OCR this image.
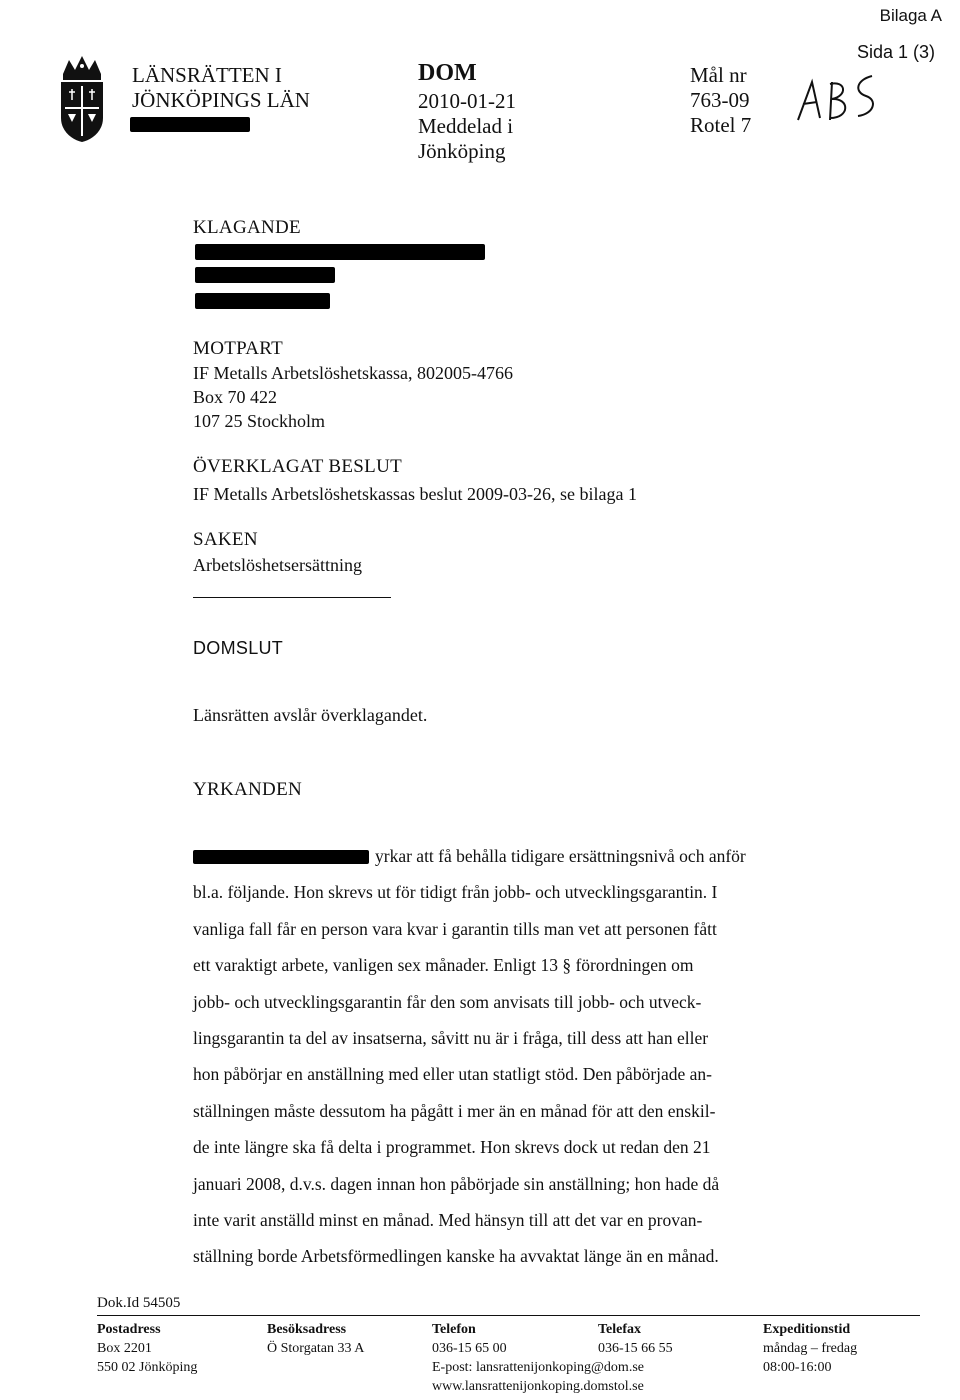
Bilaga A
Sida 1 (3)
LÄNSRÄTTEN I
JÖNKÖPINGS LÄN
DOM
2010-01-21
Meddelad i
Jönköping
Mål nr
763-09
Rotel 7
KLAGANDE
MOTPART
IF Metalls Arbetslöshetskassa, 802005-4766
Box 70 422
107 25 Stockholm
ÖVERKLAGAT BESLUT
IF Metalls Arbetslöshetskassas beslut 2009-03-26, se bilaga 1
SAKEN
Arbetslöshetsersättning
DOMSLUT
Länsrätten avslår överklagandet.
YRKANDEN
yrkar att få behålla tidigare ersättningsnivå och anför
bl.a. följande. Hon skrevs ut för tidigt från jobb- och utvecklingsgarantin. I
vanliga fall får en person vara kvar i garantin tills man vet att personen fått
ett varaktigt arbete, vanligen sex månader. Enligt 13 § förordningen om
jobb- och utvecklingsgarantin får den som anvisats till jobb- och utveck-
lingsgarantin ta del av insatserna, såvitt nu är i fråga, till dess att han eller
hon påbörjar en anställning med eller utan statligt stöd. Den påbörjade an-
ställningen måste dessutom ha pågått i mer än en månad för att den enskil-
de inte längre ska få delta i programmet. Hon skrevs dock ut redan den 21
januari 2008, d.v.s. dagen innan hon påbörjade sin anställning; hon hade då
inte varit anställd minst en månad. Med hänsyn till att det var en provan-
ställning borde Arbetsförmedlingen kanske ha avvaktat länge än en månad.
Dok.Id 54505
Postadress
Box 2201
550 02 Jönköping
Besöksadress
Ö Storgatan 33 A
Telefon
036-15 65 00
E-post: lansrattenijonkoping@dom.se
www.lansrattenijonkoping.domstol.se
Telefax
036-15 66 55
Expeditionstid
måndag – fredag
08:00-16:00
